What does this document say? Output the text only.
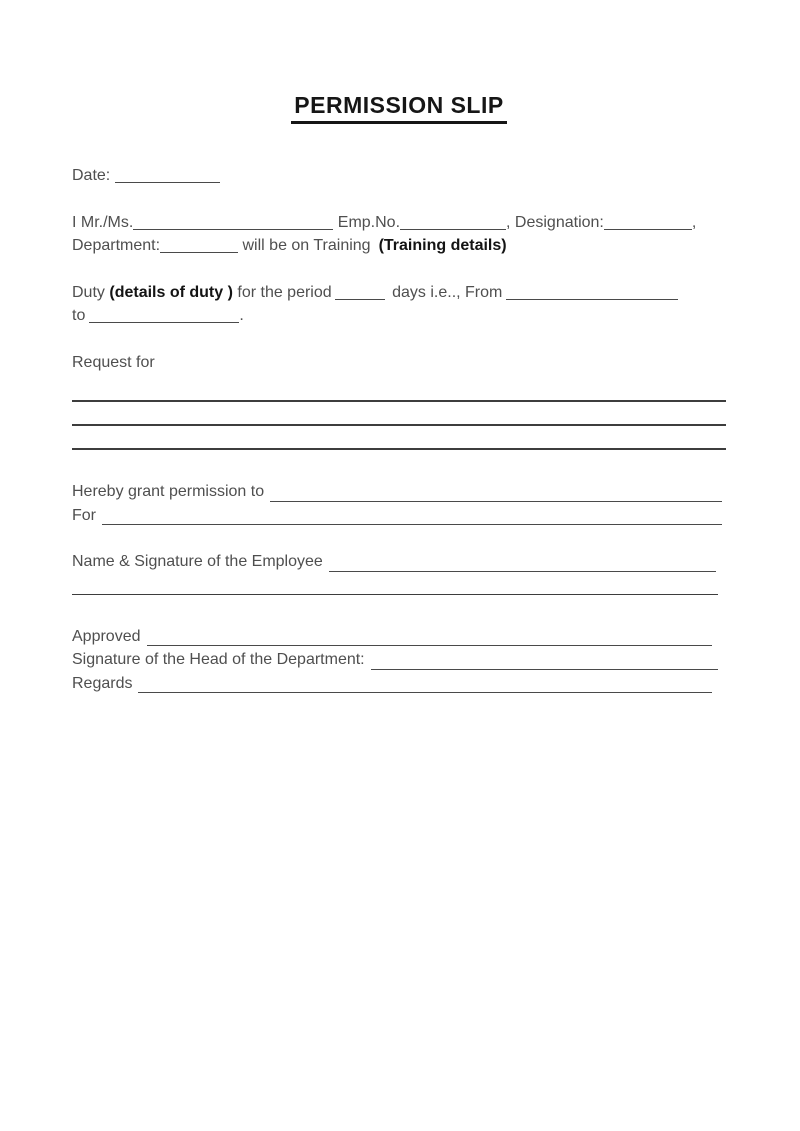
PERMISSION SLIP

Date:

I Mr./Ms.	Emp.No.	, Designation:	,
Department:	will be on Training (Training details)

Duty (details of duty ) for the period	days i.e.., From
to	.

Request for

Hereby grant permission to

For

Name & Signature of the Employee

Approved

Signature of the Head of the Department:

Regards
